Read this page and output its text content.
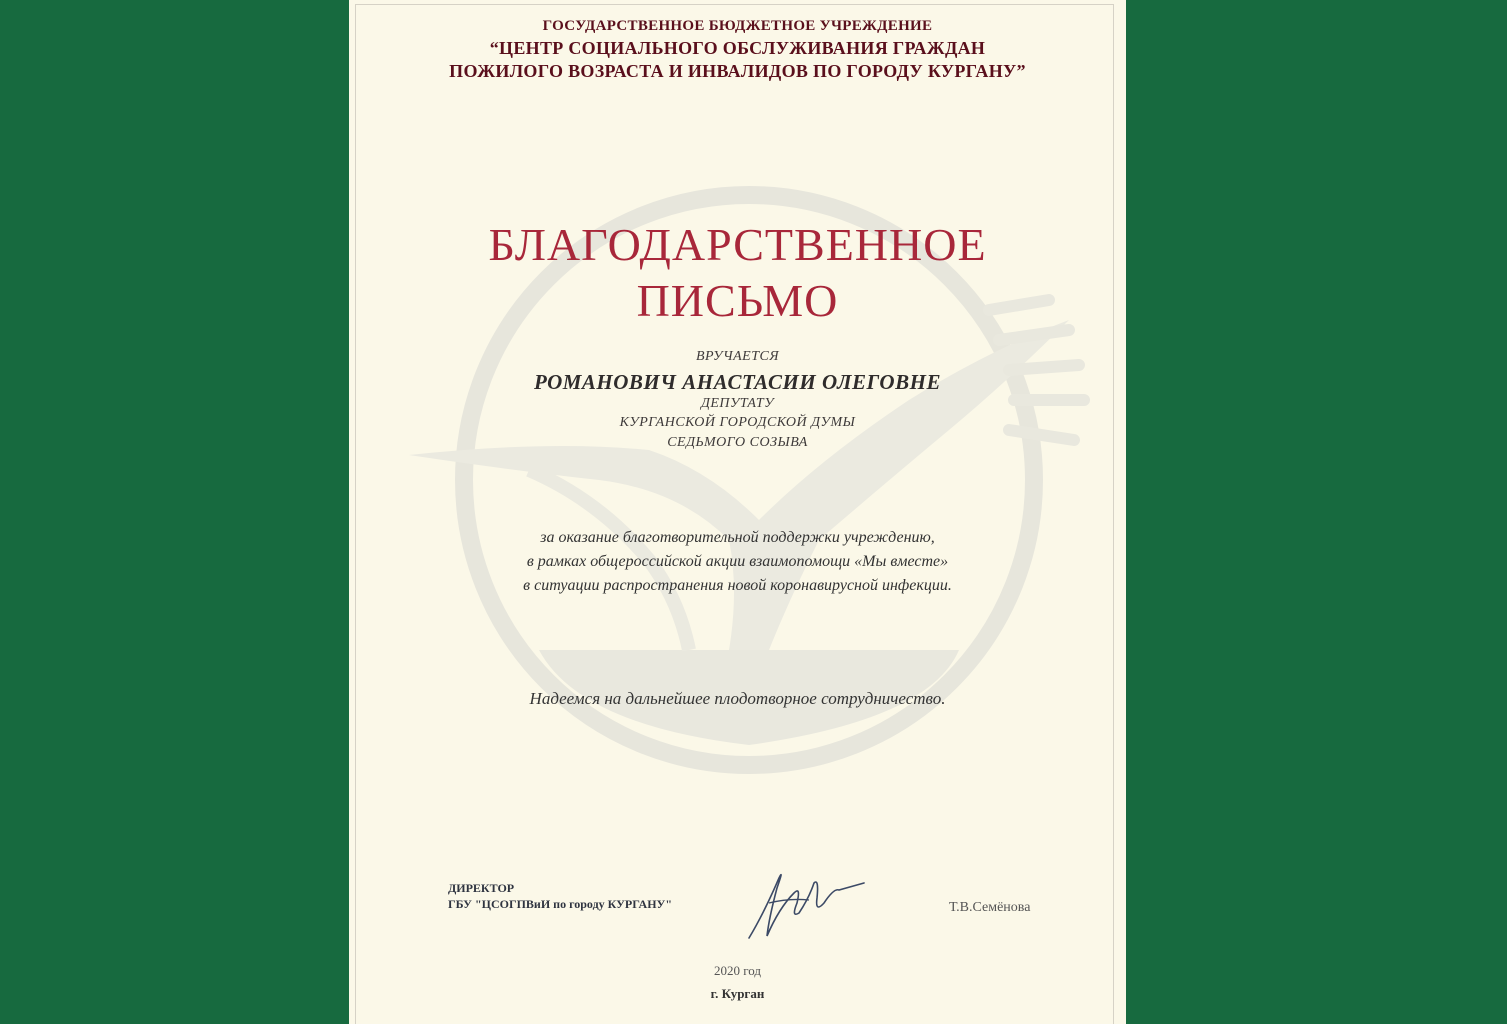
ГОСУДАРСТВЕННОЕ БЮДЖЕТНОЕ УЧРЕЖДЕНИЕ
“ЦЕНТР СОЦИАЛЬНОГО ОБСЛУЖИВАНИЯ ГРАЖДАН
ПОЖИЛОГО ВОЗРАСТА И ИНВАЛИДОВ ПО ГОРОДУ КУРГАНУ”
БЛАГОДАРСТВЕННОЕ
ПИСЬМО
ВРУЧАЕТСЯ
РОМАНОВИЧ АНАСТАСИИ ОЛЕГОВНЕ
ДЕПУТАТУ
КУРГАНСКОЙ ГОРОДСКОЙ ДУМЫ
СЕДЬМОГО СОЗЫВА
за оказание благотворительной поддержки учреждению,
в рамках общероссийской акции взаимопомощи «Мы вместе»
в ситуации распространения новой коронавирусной инфекции.
Надеемся на дальнейшее плодотворное сотрудничество.
ДИРЕКТОР
ГБУ "ЦСОГПВиИ по городу КУРГАНУ"	Т.В.Семёнова
2020 год
г. Курган
